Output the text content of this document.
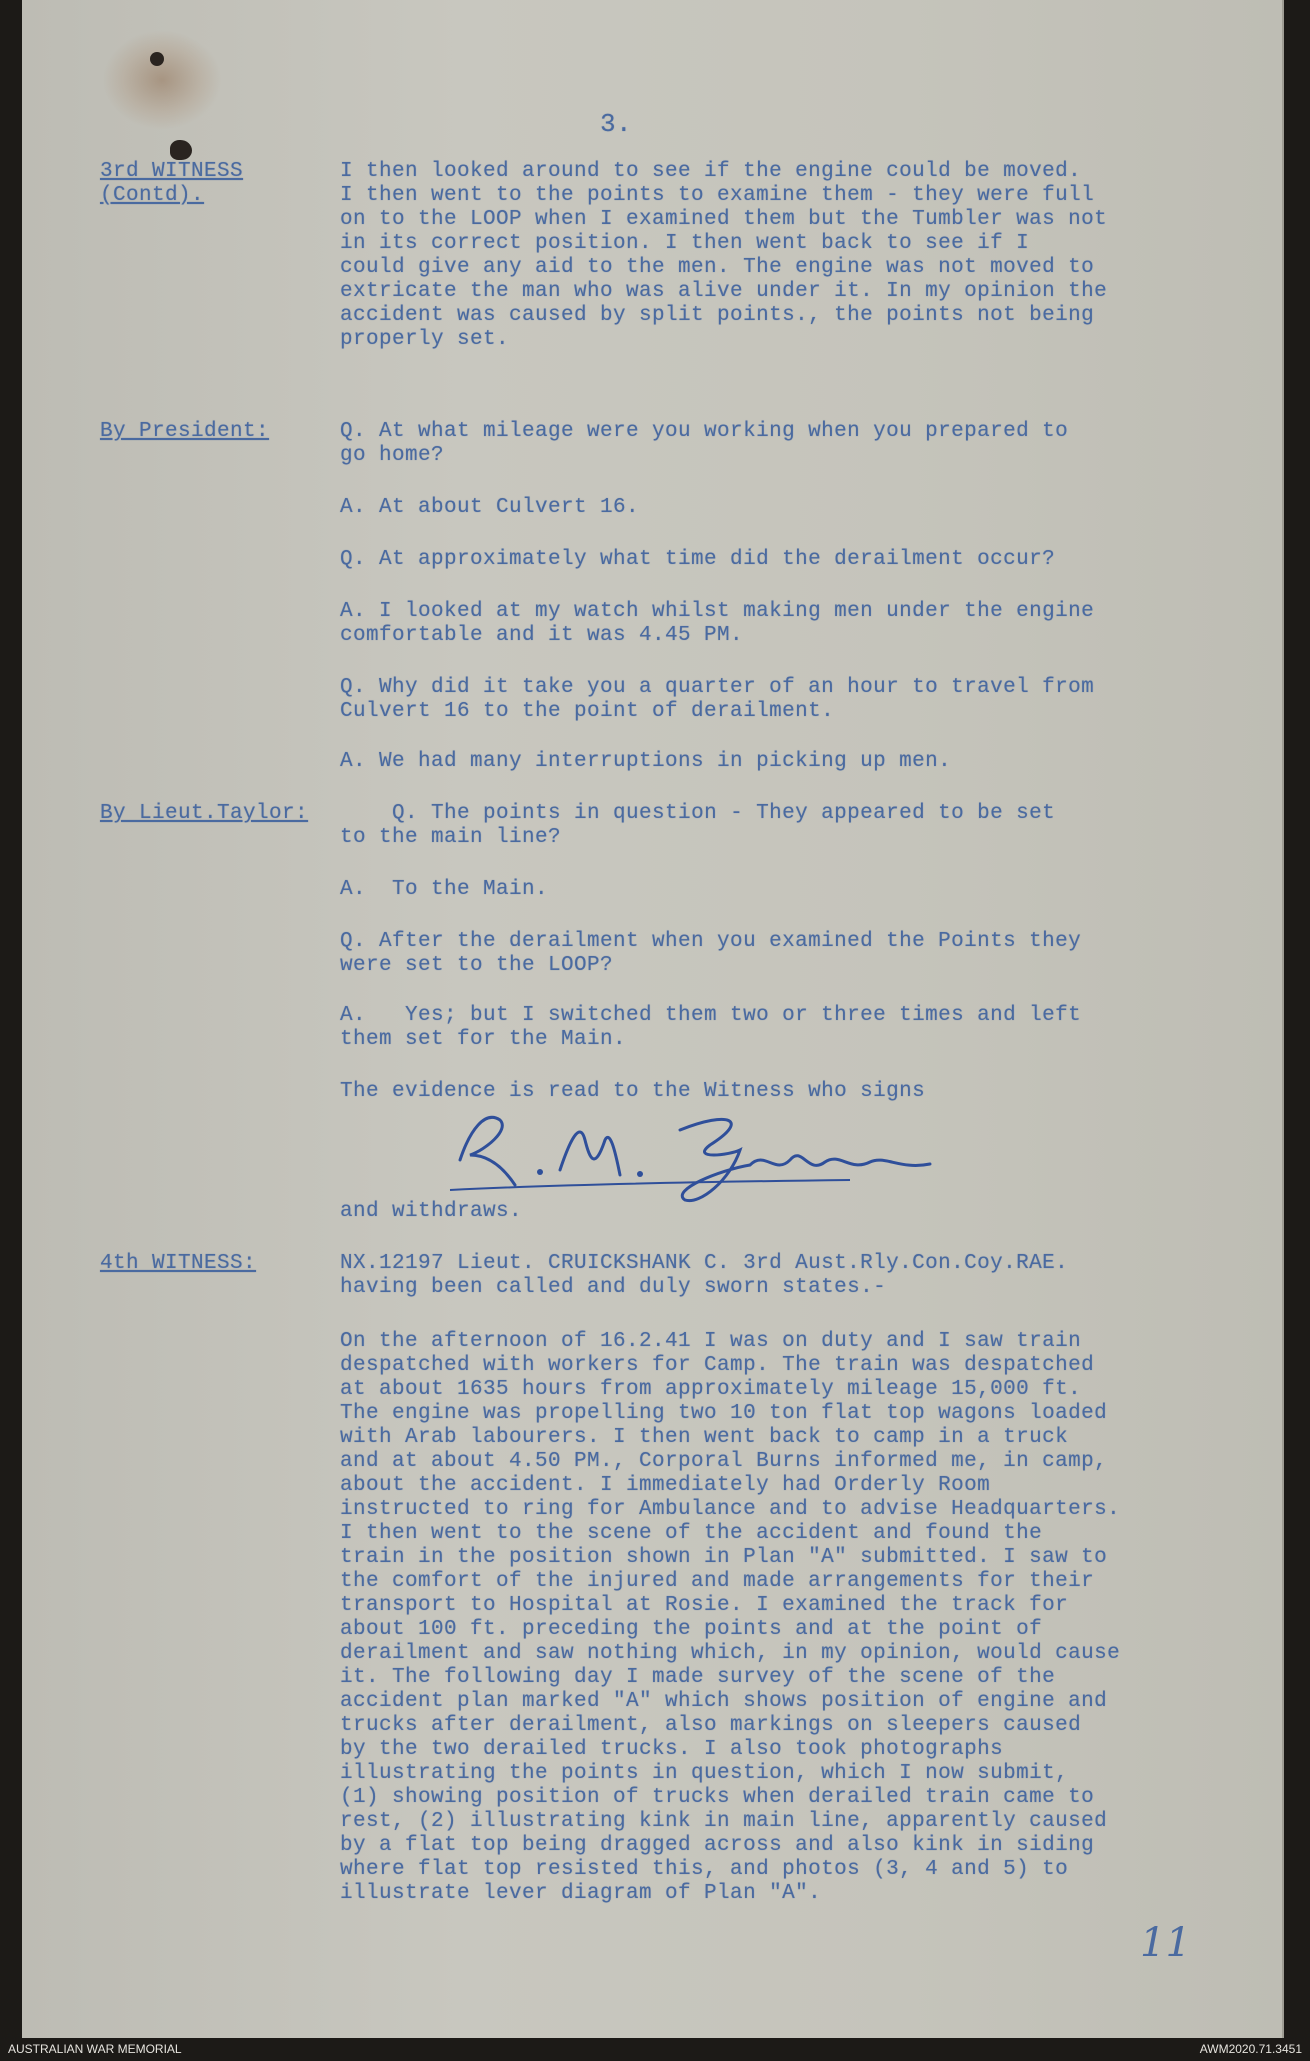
3.
3rd WITNESS
(Contd).
I then looked around to see if the engine could be moved.
I then went to the points to examine them - they were full
on to the LOOP when I examined them but the Tumbler was not
in its correct position. I then went back to see if I
could give any aid to the men. The engine was not moved to
extricate the man who was alive under it. In my opinion the
accident was caused by split points., the points not being
properly set.
By President:	Q. At what mileage were you working when you prepared to
go home?
A. At about Culvert 16.
Q. At approximately what time did the derailment occur?
A. I looked at my watch whilst making men under the engine
comfortable and it was 4.45 PM.
Q. Why did it take you a quarter of an hour to travel from
Culvert 16 to the point of derailment.
A. We had many interruptions in picking up men.
By Lieut.Taylor:	Q. The points in question - They appeared to be set
to the main line?
A.  To the Main.
Q. After the derailment when you examined the Points they
were set to the LOOP?
A.   Yes; but I switched them two or three times and left
them set for the Main.
The evidence is read to the Witness who signs
and withdraws.
4th WITNESS:	NX.12197 Lieut. CRUICKSHANK C. 3rd Aust.Rly.Con.Coy.RAE.
having been called and duly sworn states.-
On the afternoon of 16.2.41 I was on duty and I saw train
despatched with workers for Camp. The train was despatched
at about 1635 hours from approximately mileage 15,000 ft.
The engine was propelling two 10 ton flat top wagons loaded
with Arab labourers. I then went back to camp in a truck
and at about 4.50 PM., Corporal Burns informed me, in camp,
about the accident. I immediately had Orderly Room
instructed to ring for Ambulance and to advise Headquarters.
I then went to the scene of the accident and found the
train in the position shown in Plan "A" submitted. I saw to
the comfort of the injured and made arrangements for their
transport to Hospital at Rosie. I examined the track for
about 100 ft. preceding the points and at the point of
derailment and saw nothing which, in my opinion, would cause
it. The following day I made survey of the scene of the
accident plan marked "A" which shows position of engine and
trucks after derailment, also markings on sleepers caused
by the two derailed trucks. I also took photographs
illustrating the points in question, which I now submit,
(1) showing position of trucks when derailed train came to
rest, (2) illustrating kink in main line, apparently caused
by a flat top being dragged across and also kink in siding
where flat top resisted this, and photos (3, 4 and 5) to
illustrate lever diagram of Plan "A".
11
AUSTRALIAN WAR MEMORIAL	AWM2020.71.3451
